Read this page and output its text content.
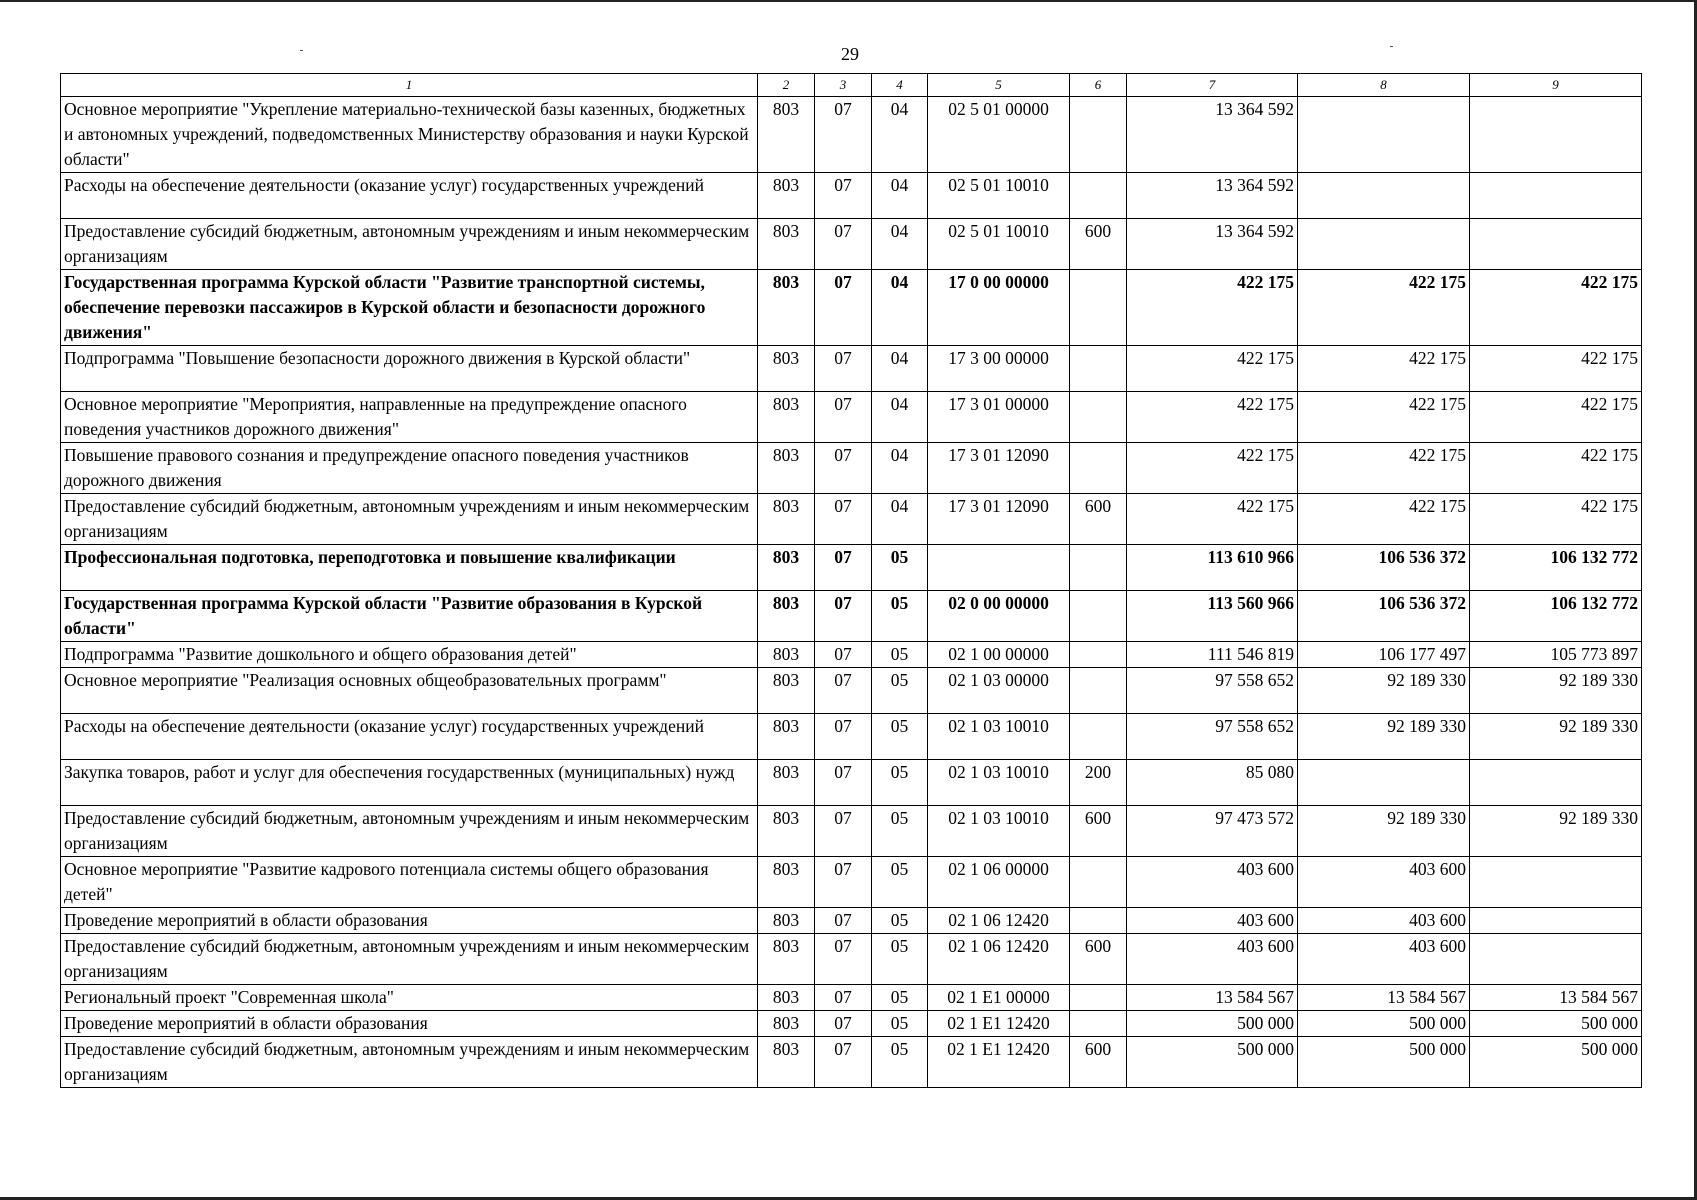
29
1	2	3	4	5	6	7	8	9
Основное мероприятие "Укрепление материально-технической базы казенных, бюджетных и автономных учреждений, подведомственных Министерству образования и науки Курской области"	803	07	04	02 5 01 00000		13 364 592		
Расходы на обеспечение деятельности (оказание услуг) государственных учреждений	803	07	04	02 5 01 10010		13 364 592		
Предоставление субсидий бюджетным, автономным учреждениям и иным некоммерческим организациям	803	07	04	02 5 01 10010	600	13 364 592		
Государственная программа Курской области "Развитие транспортной системы, обеспечение перевозки пассажиров в Курской области и безопасности дорожного движения"	803	07	04	17 0 00 00000		422 175	422 175	422 175
Подпрограмма "Повышение безопасности дорожного движения в Курской области"	803	07	04	17 3 00 00000		422 175	422 175	422 175
Основное мероприятие "Мероприятия, направленные на предупреждение опасного поведения участников дорожного движения"	803	07	04	17 3 01 00000		422 175	422 175	422 175
Повышение правового сознания и предупреждение опасного поведения участников дорожного движения	803	07	04	17 3 01 12090		422 175	422 175	422 175
Предоставление субсидий бюджетным, автономным учреждениям и иным некоммерческим организациям	803	07	04	17 3 01 12090	600	422 175	422 175	422 175
Профессиональная подготовка, переподготовка и повышение квалификации	803	07	05			113 610 966	106 536 372	106 132 772
Государственная программа Курской области "Развитие образования в Курской области"	803	07	05	02 0 00 00000		113 560 966	106 536 372	106 132 772
Подпрограмма "Развитие дошкольного и общего образования детей"	803	07	05	02 1 00 00000		111 546 819	106 177 497	105 773 897
Основное мероприятие "Реализация основных общеобразовательных программ"	803	07	05	02 1 03 00000		97 558 652	92 189 330	92 189 330
Расходы на обеспечение деятельности (оказание услуг) государственных учреждений	803	07	05	02 1 03 10010		97 558 652	92 189 330	92 189 330
Закупка товаров, работ и услуг для обеспечения государственных (муниципальных) нужд	803	07	05	02 1 03 10010	200	85 080		
Предоставление субсидий бюджетным, автономным учреждениям и иным некоммерческим организациям	803	07	05	02 1 03 10010	600	97 473 572	92 189 330	92 189 330
Основное мероприятие "Развитие кадрового потенциала системы общего образования детей"	803	07	05	02 1 06 00000		403 600	403 600	
Проведение мероприятий в области образования	803	07	05	02 1 06 12420		403 600	403 600	
Предоставление субсидий бюджетным, автономным учреждениям и иным некоммерческим организациям	803	07	05	02 1 06 12420	600	403 600	403 600	
Региональный проект "Современная школа"	803	07	05	02 1 E1 00000		13 584 567	13 584 567	13 584 567
Проведение мероприятий в области образования	803	07	05	02 1 E1 12420		500 000	500 000	500 000
Предоставление субсидий бюджетным, автономным учреждениям и иным некоммерческим организациям	803	07	05	02 1 E1 12420	600	500 000	500 000	500 000
